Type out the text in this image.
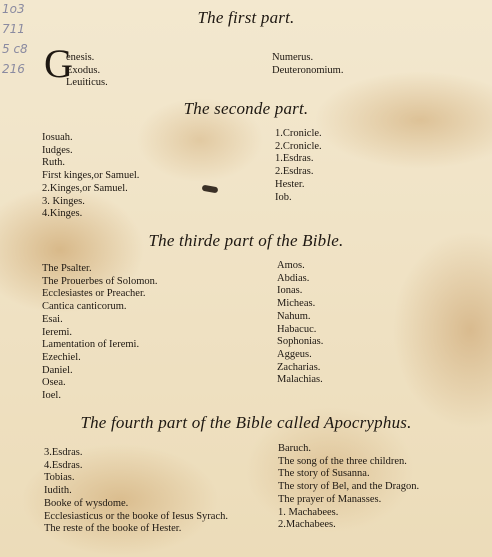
1o3
711
5 c8
216
The first part.
G
enesis.
Exodus.
Leuiticus.
Numerus.
Deuteronomium.
The seconde part.
Iosuah.
Iudges.
Ruth.
First kinges,or Samuel.
2.Kinges,or Samuel.
3. Kinges.
4.Kinges.
1.Cronicle.
2.Cronicle.
1.Esdras.
2.Esdras.
Hester.
Iob.
The thirde part of the Bible.
The Psalter.
The Prouerbes of Solomon.
Ecclesiastes or Preacher.
Cantica canticorum.
Esai.
Ieremi.
Lamentation of Ieremi.
Ezechiel.
Daniel.
Osea.
Ioel.
Amos.
Abdias.
Ionas.
Micheas.
Nahum.
Habacuc.
Sophonias.
Aggeus.
Zacharias.
Malachias.
The fourth part of the Bible called Apocryphus.
3.Esdras.
4.Esdras.
Tobias.
Iudith.
Booke of wysdome.
Ecclesiasticus or the booke of Iesus Syrach.
The reste of the booke of Hester.
Baruch.
The song of the three children.
The story of Susanna.
The story of Bel, and the Dragon.
The prayer of Manasses.
1. Machabees.
2.Machabees.
